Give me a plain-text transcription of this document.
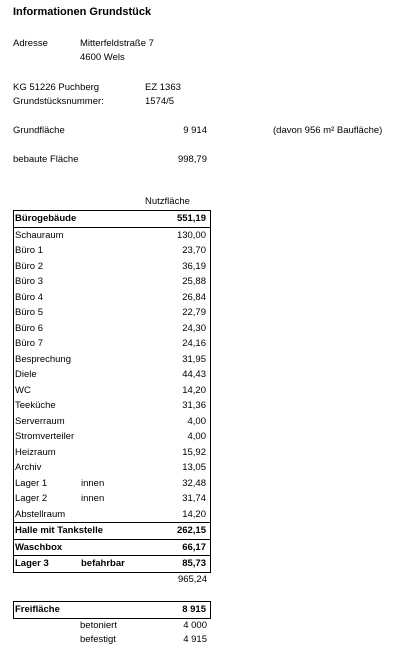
Informationen Grundstück
Adresse	Mitterfeldstraße 7
4600 Wels
KG 51226 Puchberg	EZ 1363
Grundstücksnummer:	1574/5
Grundfläche	9 914	(davon 956 m² Baufläche)
bebaute Fläche	998,79
Nutzfläche
Bürogebäude	551,19
Schauraum	130,00
Büro 1	23,70
Büro 2	36,19
Büro 3	25,88
Büro 4	26,84
Büro 5	22,79
Büro 6	24,30
Büro 7	24,16
Besprechung	31,95
Diele	44,43
WC	14,20
Teeküche	31,36
Serverraum	4,00
Stromverteiler	4,00
Heizraum	15,92
Archiv	13,05
Lager 1	innen	32,48
Lager 2	innen	31,74
Abstellraum	14,20
Halle mit Tankstelle	262,15
Waschbox	66,17
Lager 3	befahrbar	85,73
965,24
Freifläche	8 915
betoniert	4 000
befestigt	4 915
